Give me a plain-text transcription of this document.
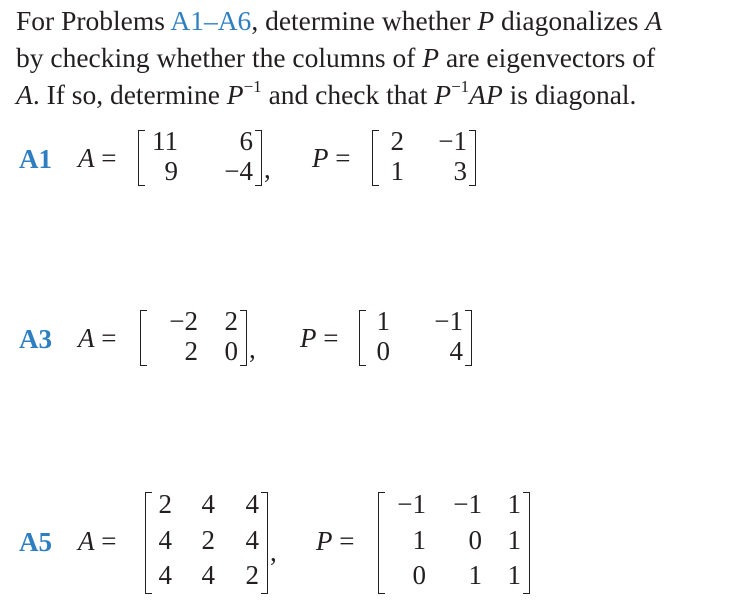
For Problems A1–A6, determine whether P diagonalizes A
by checking whether the columns of P are eigenvectors of
A. If so, determine $P^{-1}$ and check that $P^{-1}AP$ is diagonal.
A1 A =
11 6
9 −4 , P =
2 −1
1 3
A3 A =
−2 2
2 0 , P =
1 −1
0 4
A5 A =
2 4 4
4 2 4
4 4 2
, P =
−1 −1 1
1 0 1
0 1 1
